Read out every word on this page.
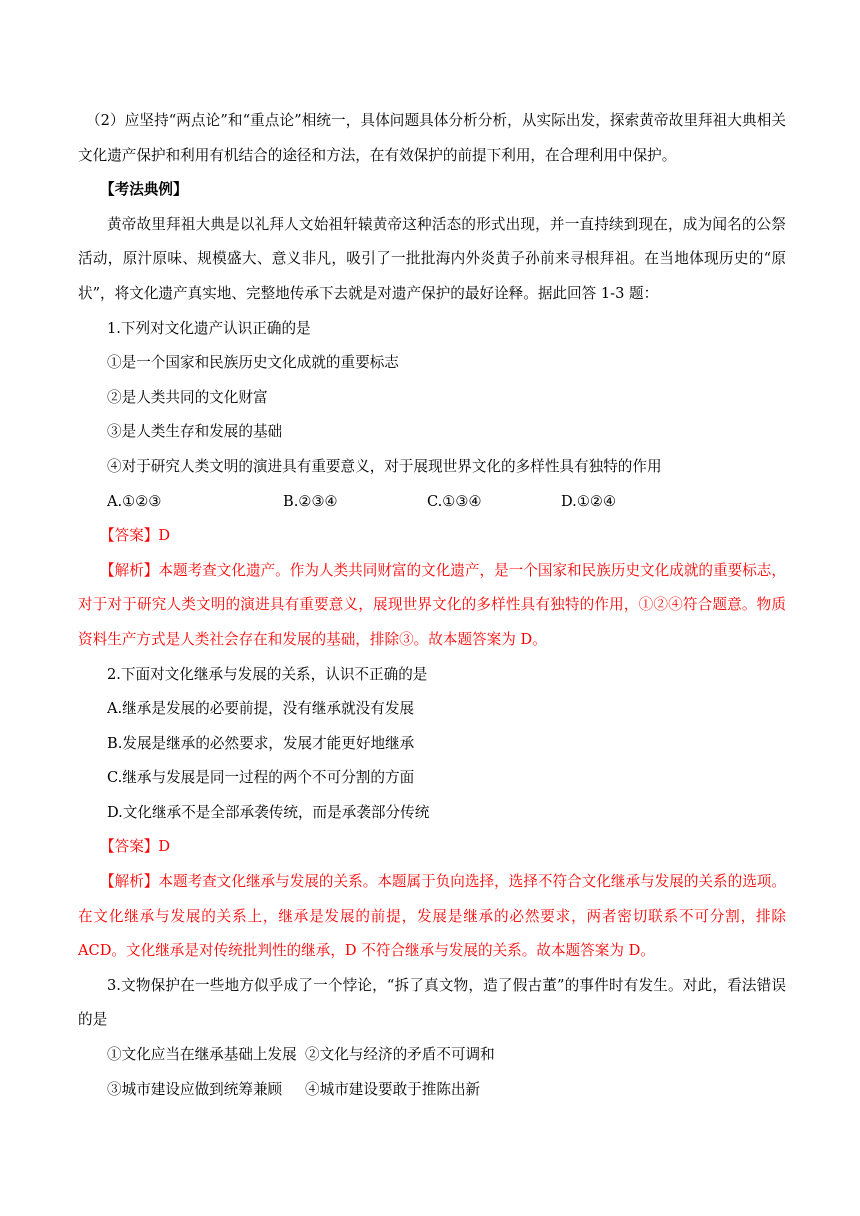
（2）应坚持“两点论”和“重点论”相统一，具体问题具体分析分析，从实际出发，探索黄帝故里拜祖大典相关文化遗产保护和利用有机结合的途径和方法，在有效保护的前提下利用，在合理利用中保护。

【考法典例】

黄帝故里拜祖大典是以礼拜人文始祖轩辕黄帝这种活态的形式出现，并一直持续到现在，成为闻名的公祭活动，原汁原味、规模盛大、意义非凡，吸引了一批批海内外炎黄子孙前来寻根拜祖。在当地体现历史的“原状”，将文化遗产真实地、完整地传承下去就是对遗产保护的最好诠释。据此回答 1-3 题：

1.下列对文化遗产认识正确的是

①是一个国家和民族历史文化成就的重要标志

②是人类共同的文化财富

③是人类生存和发展的基础

④对于研究人类文明的演进具有重要意义，对于展现世界文化的多样性具有独特的作用

A.①②③	B.②③④	C.①③④	D.①②④

【答案】D

【解析】本题考查文化遗产。作为人类共同财富的文化遗产，是一个国家和民族历史文化成就的重要标志，对于对于研究人类文明的演进具有重要意义，展现世界文化的多样性具有独特的作用，①②④符合题意。物质资料生产方式是人类社会存在和发展的基础，排除③。故本题答案为 D。

2.下面对文化继承与发展的关系，认识不正确的是

A.继承是发展的必要前提，没有继承就没有发展

B.发展是继承的必然要求，发展才能更好地继承

C.继承与发展是同一过程的两个不可分割的方面

D.文化继承不是全部承袭传统，而是承袭部分传统

【答案】D

【解析】本题考查文化继承与发展的关系。本题属于负向选择，选择不符合文化继承与发展的关系的选项。在文化继承与发展的关系上，继承是发展的前提，发展是继承的必然要求，两者密切联系不可分割，排除 ACD。文化继承是对传统批判性的继承，D 不符合继承与发展的关系。故本题答案为 D。

3.文物保护在一些地方似乎成了一个悖论，“拆了真文物，造了假古董”的事件时有发生。对此，看法错误的是

①文化应当在继承基础上发展 ②文化与经济的矛盾不可调和
③城市建设应做到统筹兼顾	④城市建设要敢于推陈出新
